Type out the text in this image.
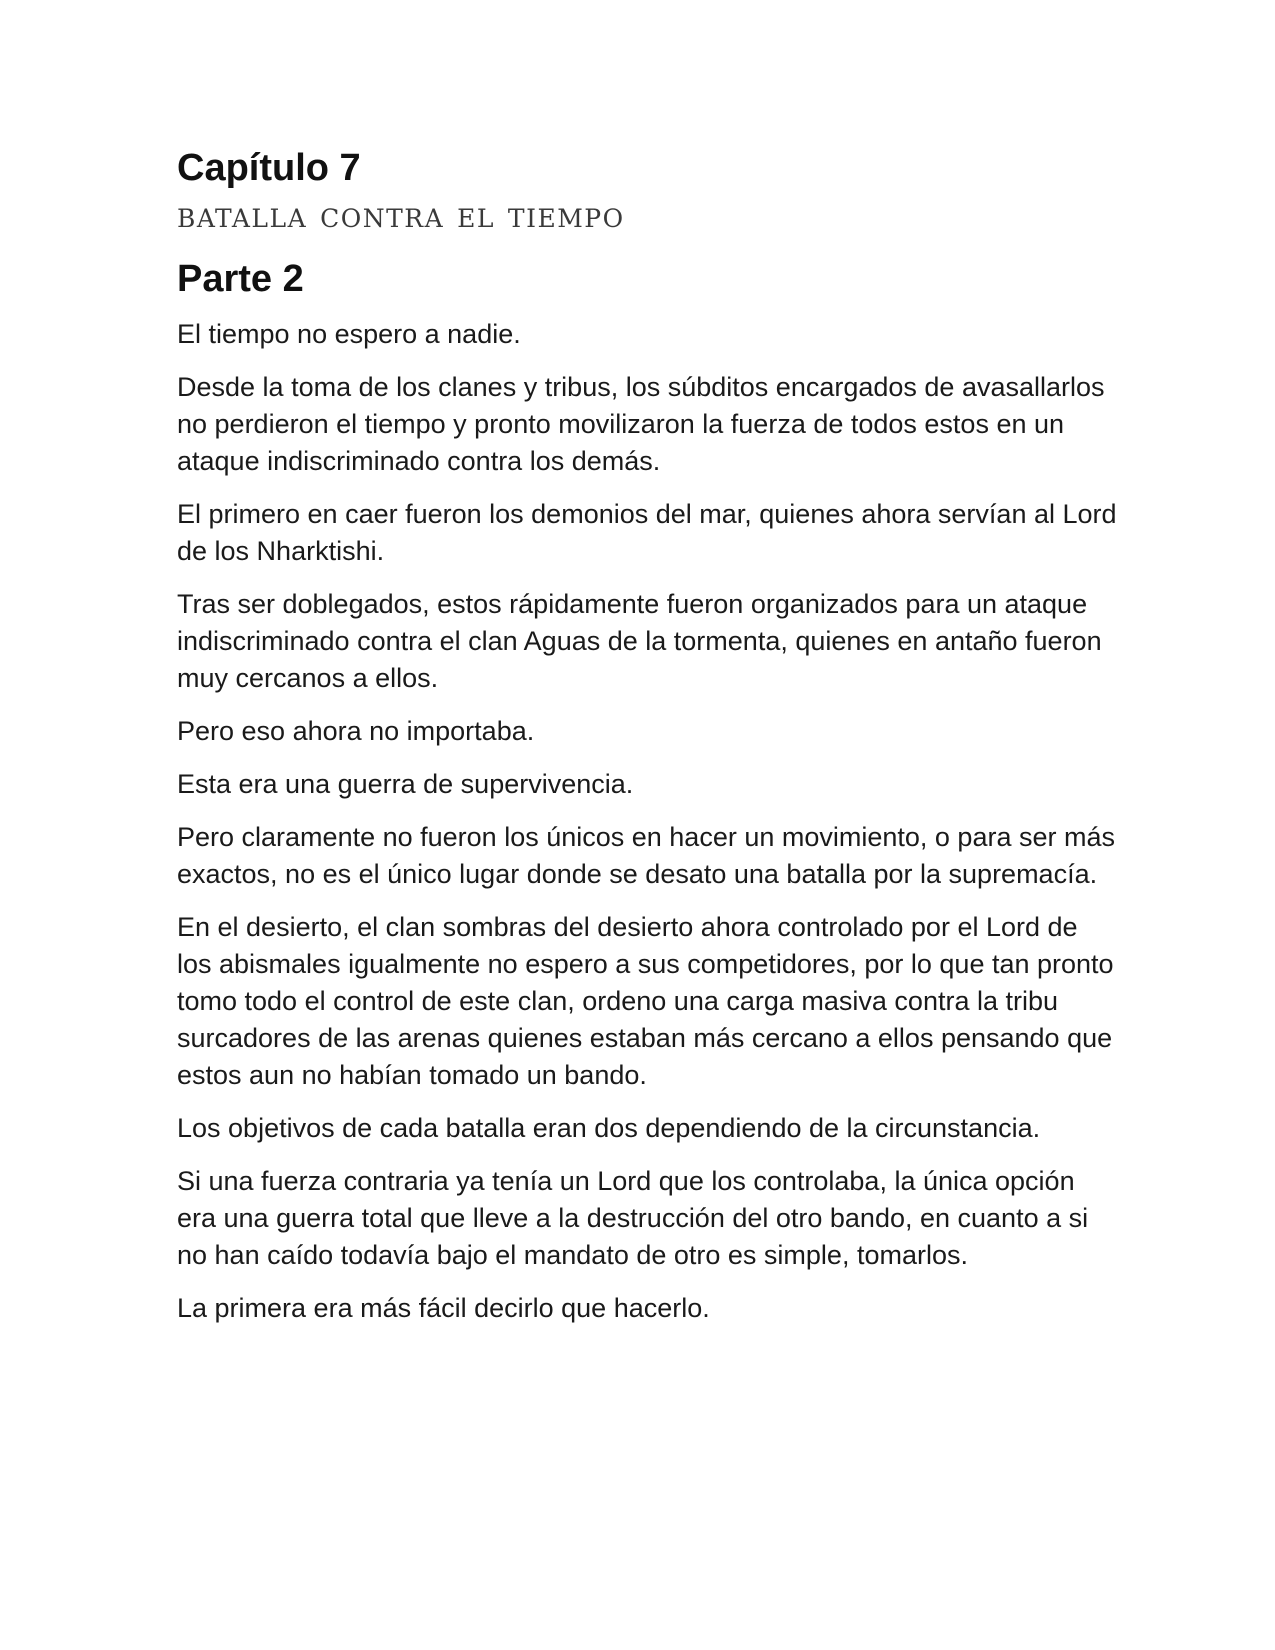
Capítulo 7
batalla contra el tiempo
Parte 2

El tiempo no espero a nadie.

Desde la toma de los clanes y tribus, los súbditos encargados de avasallarlos no perdieron el tiempo y pronto movilizaron la fuerza de todos estos en un ataque indiscriminado contra los demás.

El primero en caer fueron los demonios del mar, quienes ahora servían al Lord de los Nharktishi.

Tras ser doblegados, estos rápidamente fueron organizados para un ataque indiscriminado contra el clan Aguas de la tormenta, quienes en antaño fueron muy cercanos a ellos.

Pero eso ahora no importaba.

Esta era una guerra de supervivencia.

Pero claramente no fueron los únicos en hacer un movimiento, o para ser más exactos, no es el único lugar donde se desato una batalla por la supremacía.

En el desierto, el clan sombras del desierto ahora controlado por el Lord de los abismales igualmente no espero a sus competidores, por lo que tan pronto tomo todo el control de este clan, ordeno una carga masiva contra la tribu surcadores de las arenas quienes estaban más cercano a ellos pensando que estos aun no habían tomado un bando.

Los objetivos de cada batalla eran dos dependiendo de la circunstancia.

Si una fuerza contraria ya tenía un Lord que los controlaba, la única opción era una guerra total que lleve a la destrucción del otro bando, en cuanto a si no han caído todavía bajo el mandato de otro es simple, tomarlos.

La primera era más fácil decirlo que hacerlo.
